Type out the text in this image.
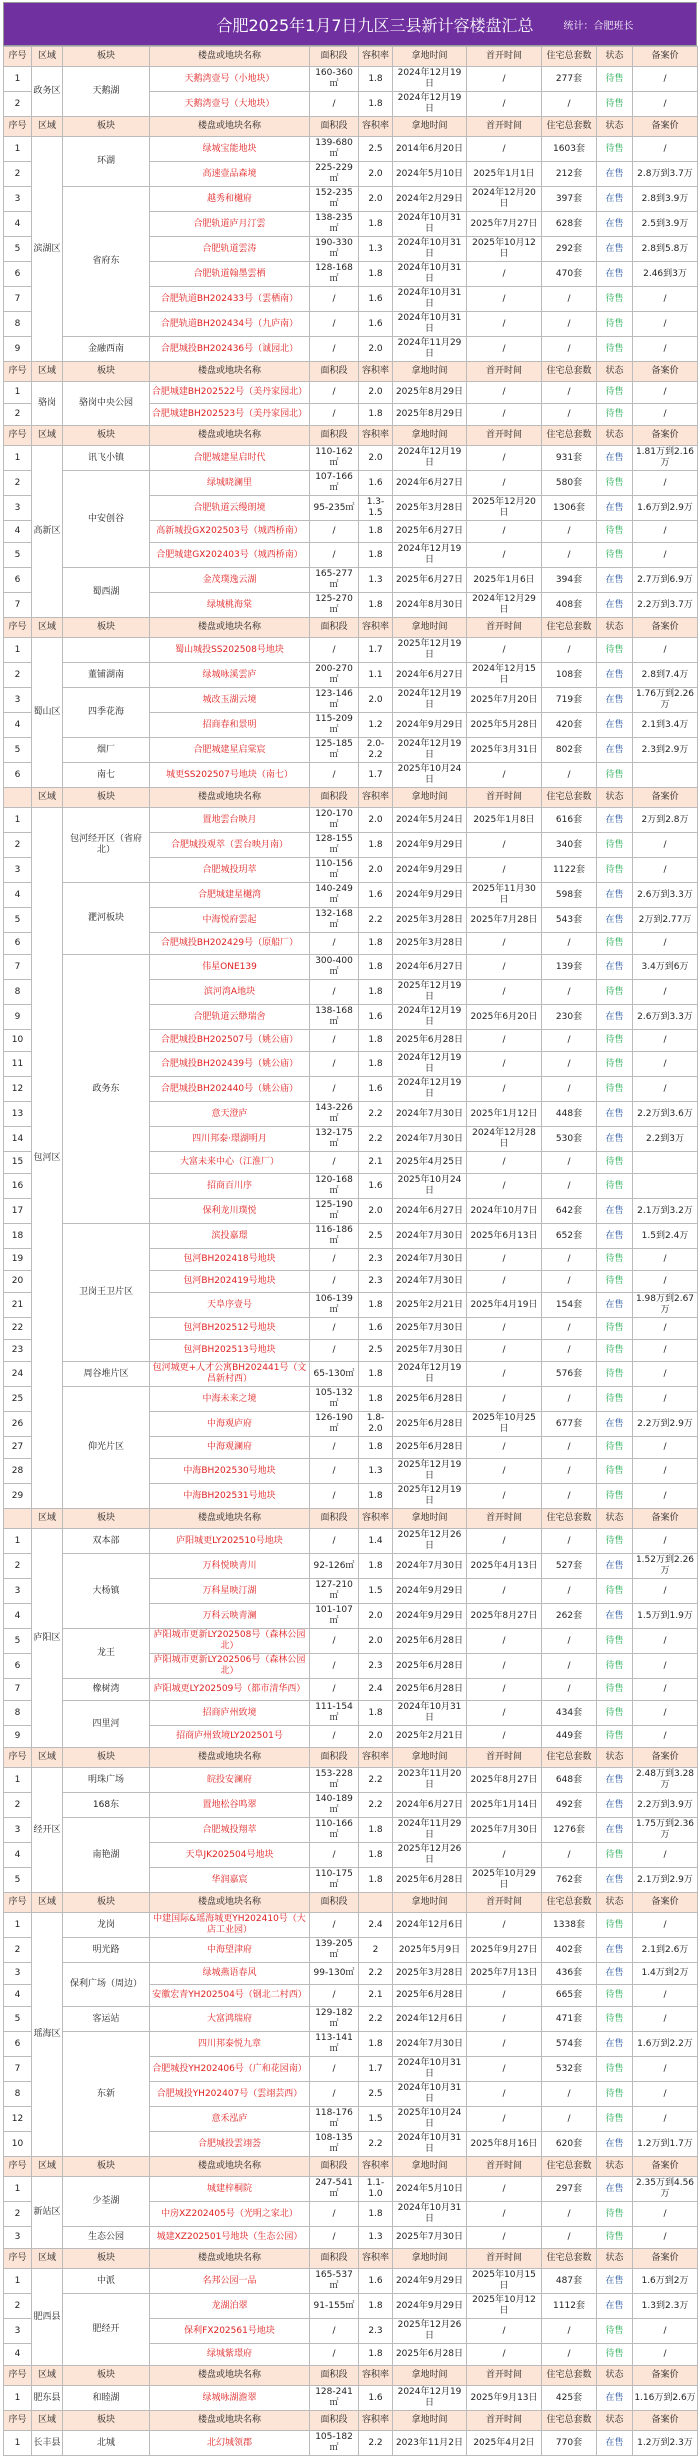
合肥2025年1月7日九区三县新计容楼盘汇总	统计：合肥班长
序号	区域	板块	楼盘或地块名称	面积段	容积率	拿地时间	首开时间	住宅总套数	状态	备案价
1	政务区	天鹅湖	天鹅湾壹号（小地块）	160-360㎡	1.8	2024年12月19日	/	277套	待售	/
2			天鹅湾壹号（大地块）	/	1.8	2024年12月19日	/	/	待售	/
序号	区域	板块	楼盘或地块名称	面积段	容积率	拿地时间	首开时间	住宅总套数	状态	备案价
1	滨湖区	环湖	绿城宝能地块	139-680㎡	2.5	2014年6月20日	/	1603套	待售	/
2			高速壹品森境	225-229㎡	2.0	2024年5月10日	2025年1月1日	212套	在售	2.8万到3.7万
3		省府东	越秀和樾府	152-235㎡	2.0	2024年2月29日	2024年12月20日	397套	在售	2.8到3.9万
4			合肥轨道庐月汀雲	138-235㎡	1.8	2024年10月31日	2025年7月27日	628套	在售	2.5到3.9万
5			合肥轨道雲涛	190-330㎡	1.3	2024年10月31日	2025年10月12日	292套	在售	2.8到5.8万
6			合肥轨道翰墨雲栖	128-168㎡	1.8	2024年10月31日	/	470套	在售	2.46到3万
7			合肥轨道BH202433号（雲栖南）	/	1.6	2024年10月31日	/	/	待售	/
8			合肥轨道BH202434号（九庐南）	/	1.6	2024年10月31日	/	/	待售	/
9		金融西南	合肥城投BH202436号（诚园北）	/	2.0	2024年11月29日	/	/	待售	/
序号	区域	板块	楼盘或地块名称	面积段	容积率	拿地时间	首开时间	住宅总套数	状态	备案价
1	骆岗	骆岗中央公园	合肥城建BH202522号（美丹家园北）	/	2.0	2025年8月29日	/	/	待售	/
2			合肥城建BH202523号（美丹家园北）	/	1.8	2025年8月29日	/	/	待售	/
序号	区域	板块	楼盘或地块名称	面积段	容积率	拿地时间	首开时间	住宅总套数	状态	备案价
1	高新区	讯飞小镇	合肥城建星启时代	110-162㎡	2.0	2024年12月19日	/	931套	在售	1.81万到2.16万
2		中安创谷	绿城晓澜里	107-166㎡	1.6	2024年6月27日	/	580套	待售	/
3			合肥轨道云缦朗境	95-235㎡	1.3-1.5	2025年3月28日	2025年12月20日	1306套	在售	1.6万到2.9万
4			高新城投GX202503号（城西桥南）	/	1.8	2025年6月27日	/	/	待售	/
5			合肥城建GX202403号（城西桥南）	/	1.8	2024年12月19日	/	/	待售	/
6		蜀西湖	金茂璞逸云湖	165-277㎡	1.3	2025年6月27日	2025年1月6日	394套	在售	2.7万到6.9万
7			绿城桃海棠	125-270㎡	1.8	2024年8月30日	2024年12月29日	408套	在售	2.2万到3.7万
序号	区域	板块	楼盘或地块名称	面积段	容积率	拿地时间	首开时间	住宅总套数	状态	备案价
1	蜀山区		蜀山城投SS202508号地块	/	1.7	2025年12月19日	/	/	待售	/
2		董铺湖南	绿城咏溪雲庐	200-270㎡	1.1	2024年6月27日	2024年12月15日	108套	在售	2.8到7.4万
3		四季花海	城改玉湖云境	123-146㎡	2.0	2024年12月19日	2025年7月20日	719套	在售	1.76万到2.26万
4			招商春和景明	115-209㎡	1.2	2024年9月29日	2025年5月28日	420套	在售	2.1到3.4万
5		烟厂	合肥城建星启棠宸	125-185㎡	2.0-2.2	2024年12月19日	2025年3月31日	802套	在售	2.3到2.9万
6		南七	城更SS202507号地块（南七）	/	1.7	2025年10月24日	/	/	待售	
	区域	板块	楼盘或地块名称	面积段	容积率	拿地时间	首开时间	住宅总套数	状态	备案价
1	包河区	包河经开区（省府北）	置地雲台映月	120-170㎡	2.0	2024年5月24日	2025年1月8日	616套	在售	2万到2.8万
2			合肥城投观萃（雲台映月南）	128-155㎡	1.8	2024年9月29日	/	340套	待售	/
3			合肥城投玥萃	110-156㎡	2.0	2024年9月29日	/	1122套	待售	/
4		淝河板块	合肥城建星樾湾	140-249㎡	1.6	2024年9月29日	2025年11月30日	598套	在售	2.6万到3.3万
5			中海悦府雲起	132-168㎡	2.2	2025年3月28日	2025年7月28日	543套	在售	2万到2.77万
6			合肥城投BH202429号（原船厂）	/	1.8	2025年3月28日	/	/	待售	/
7		政务东	伟星ONE139	300-400㎡	1.8	2024年6月27日	/	139套	在售	3.4万到6万
8			滨河湾A地块	/	1.8	2025年12月19日	/	/	待售	/
9			合肥轨道云缈瑞舍	138-168㎡	1.6	2024年12月19日	2025年6月20日	230套	在售	2.6万到3.3万
10			合肥城投BH202507号（姚公庙）	/	1.8	2025年6月28日	/	/	待售	/
11			合肥城投BH202439号（姚公庙）	/	1.8	2024年12月19日	/	/	待售	/
12			合肥城投BH202440号（姚公庙）	/	1.6	2024年12月19日	/	/	待售	/
13			意天澄庐	143-226㎡	2.2	2024年7月30日	2025年1月12日	448套	在售	2.2万到3.6万
14			四川邦泰·璟湖明月	132-175㎡	2.2	2024年7月30日	2024年12月28日	530套	在售	2.2到3万
15			大富未来中心（江淮厂）	/	2.1	2025年4月25日	/	/	待售	
16			招商百川序	120-168㎡	1.6	2025年10月24日	/	/	待售	
17			保利龙川璞悦	125-190㎡	2.0	2024年6月27日	2024年10月7日	642套	在售	2.1万到3.2万
18		卫岗王卫片区	滨投嘉璟	116-186㎡	2.5	2024年7月30日	2025年6月13日	652套	在售	1.5到2.4万
19			包河BH202418号地块	/	2.3	2024年7月30日	/	/	待售	/
20			包河BH202419号地块	/	2.3	2024年7月30日	/	/	待售	/
21			天阜序壹号	106-139㎡	1.8	2025年2月21日	2025年4月19日	154套	在售	1.98万到2.67万
22			包河BH202512号地块	/	1.6	2025年7月30日	/	/	待售	/
23			包河BH202513号地块	/	2.5	2025年7月30日	/	/	待售	/
24		周谷堆片区	包河城更+人才公寓BH202441号（文昌新村西）	65-130㎡	1.8	2024年12月19日	/	576套	待售	/
25		仰光片区	中海未来之境	105-132㎡	1.8	2025年6月28日	/	/	待售	/
26			中海观庐府	126-190㎡	1.8-2.0	2025年6月28日	2025年10月25日	677套	在售	2.2万到2.9万
27			中海观澜府	/	1.8	2025年6月28日	/	/	待售	/
28			中海BH202530号地块	/	1.3	2025年12月19日	/	/	待售	/
29			中海BH202531号地块	/	1.8	2025年12月19日	/	/	待售	/
	区域	板块	楼盘或地块名称	面积段	容积率	拿地时间	首开时间	住宅总套数	状态	备案价
1	庐阳区	双本部	庐阳城更LY202510号地块	/	1.4	2025年12月26日	/	/	待售	/
2		大杨镇	万科悦映青川	92-126㎡	1.8	2024年7月30日	2025年4月13日	527套	在售	1.52万到2.26万
3			万科星映汀湖	127-210㎡	1.5	2024年9月29日	/	/	待售	/
4			万科云映青澜	101-107㎡	2.0	2024年9月29日	2025年8月27日	262套	在售	1.5万到1.9万
5		龙王	庐阳城市更新LY202508号（森林公园北）	/	2.0	2025年6月28日	/	/	待售	/
6			庐阳城市更新LY202506号（森林公园北）	/	2.3	2025年6月28日	/	/	待售	/
7		橡树湾	庐阳城更LY202509号（都市清华西）	/	2.4	2025年6月28日	/	/	待售	/
8		四里河	招商庐州致境	111-154㎡	1.8	2024年10月31日	/	434套	待售	/
9			招商庐州致境LY202501号	/	2.0	2025年2月21日	/	449套	待售	/
序号	区域	板块	楼盘或地块名称	面积段	容积率	拿地时间	首开时间	住宅总套数	状态	备案价
1	经开区	明珠广场	皖投安澜府	153-228㎡	2.2	2023年11月20日	2025年8月27日	648套	在售	2.48万到3.28万
2		168东	置地松谷鸣翠	140-189㎡	2.2	2024年6月27日	2025年1月14日	492套	在售	2.2万到3.9万
3		南艳湖	合肥城投翔萃	110-166㎡	1.8	2024年11月29日	2025年7月30日	1276套	在售	1.75万到2.36万
4			天阜JK202504号地块	/	1.8	2025年12月26日	/	/	待售	/
5			华润嘉宸	110-175㎡	1.8	2025年6月28日	2025年10月29日	762套	在售	2.1万到2.9万
序号	区域	板块	楼盘或地块名称	面积段		拿地时间	首开时间	住宅总套数	状态	备案价
1	瑶海区	龙岗	中建国际&瑶海城更YH202410号（大店工业园）	/	2.4	2024年12月6日	/	1338套	待售	/
2		明光路	中海望津府	139-205㎡	2	2025年5月9日	2025年9月27日	402套	在售	2.1到2.6万
3		保利广场（周边）	绿城燕语春风	99-130㎡	2.2	2025年3月28日	2025年7月13日	436套	在售	1.4万到2万
4			安徽宏青YH202504号（钢北二村西）	/	2.1	2025年6月28日	/	665套	待售	/
5		客运站	大富鸿瑞府	129-182㎡	2.2	2024年12月6日	/	471套	待售	/
6		东新	四川邦泰悦九章	113-141㎡	1.8	2024年7月30日	/	574套	在售	1.6万到2.2万
7			合肥城投YH202406号（广和花园南）	/	1.7	2024年10月31日	/	532套	待售	/
8			合肥城投YH202407号（雲翊芸西）	/	2.5	2024年10月31日	/	/	待售	/
12			意禾泓庐	118-176㎡	1.5	2025年10月24日	/	/	待售	/
10			合肥城投雲翊荟	108-135㎡	2.2	2024年10月31日	2025年8月16日	620套	在售	1.2万到1.7万
序号	区域	板块	楼盘或地块名称	面积段	容积率	拿地时间	首开时间	住宅总套数	状态	备案价
1	新站区	少荃湖	城建梓桐院	247-541㎡	1.1-1.0	2024年5月10日	/	297套	在售	2.35万到4.56万
2			中房XZ202405号（光明之家北）	/	1.8	2024年10月31日	/	/	待售	/
3		生态公园	城建XZ202501号地块（生态公园）	/	1.3	2025年7月30日	/	/	待售	/
序号	区域	板块	楼盘或地块名称	面积段	容积率	拿地时间	首开时间	住宅总套数	状态	备案价
1	肥西县	中派	名邦公园一品	165-537㎡	1.6	2024年9月29日	2025年10月15日	487套	在售	1.6万到2万
2		肥经开	龙湖泊翠	91-155㎡	1.8	2024年9月29日	2025年10月12日	1112套	在售	1.3到2.3万
3			保利FX202561号地块	/	2.3	2025年12月26日	/	/	待售	/
4			绿城紫璟府	/	1.8	2025年6月28日	/	/	待售	/
序号	区域	板块	楼盘或地块名称	面积段	容积率	拿地时间	首开时间	住宅总套数	状态	备案价
1	肥东县	和睦湖	绿城咏湖澹翠	128-241㎡	1.6	2024年12月19日	2025年9月13日	425套	在售	1.16万到2.6万
序号	区域	板块	楼盘或地块名称	面积段	容积率	拿地时间	首开时间	住宅总套数	状态	备案价
1	长丰县	北城	北幻城领郡	105-182㎡	2.2	2023年11月2日	2025年4月2日	770套	在售	1.2万到2.3万
